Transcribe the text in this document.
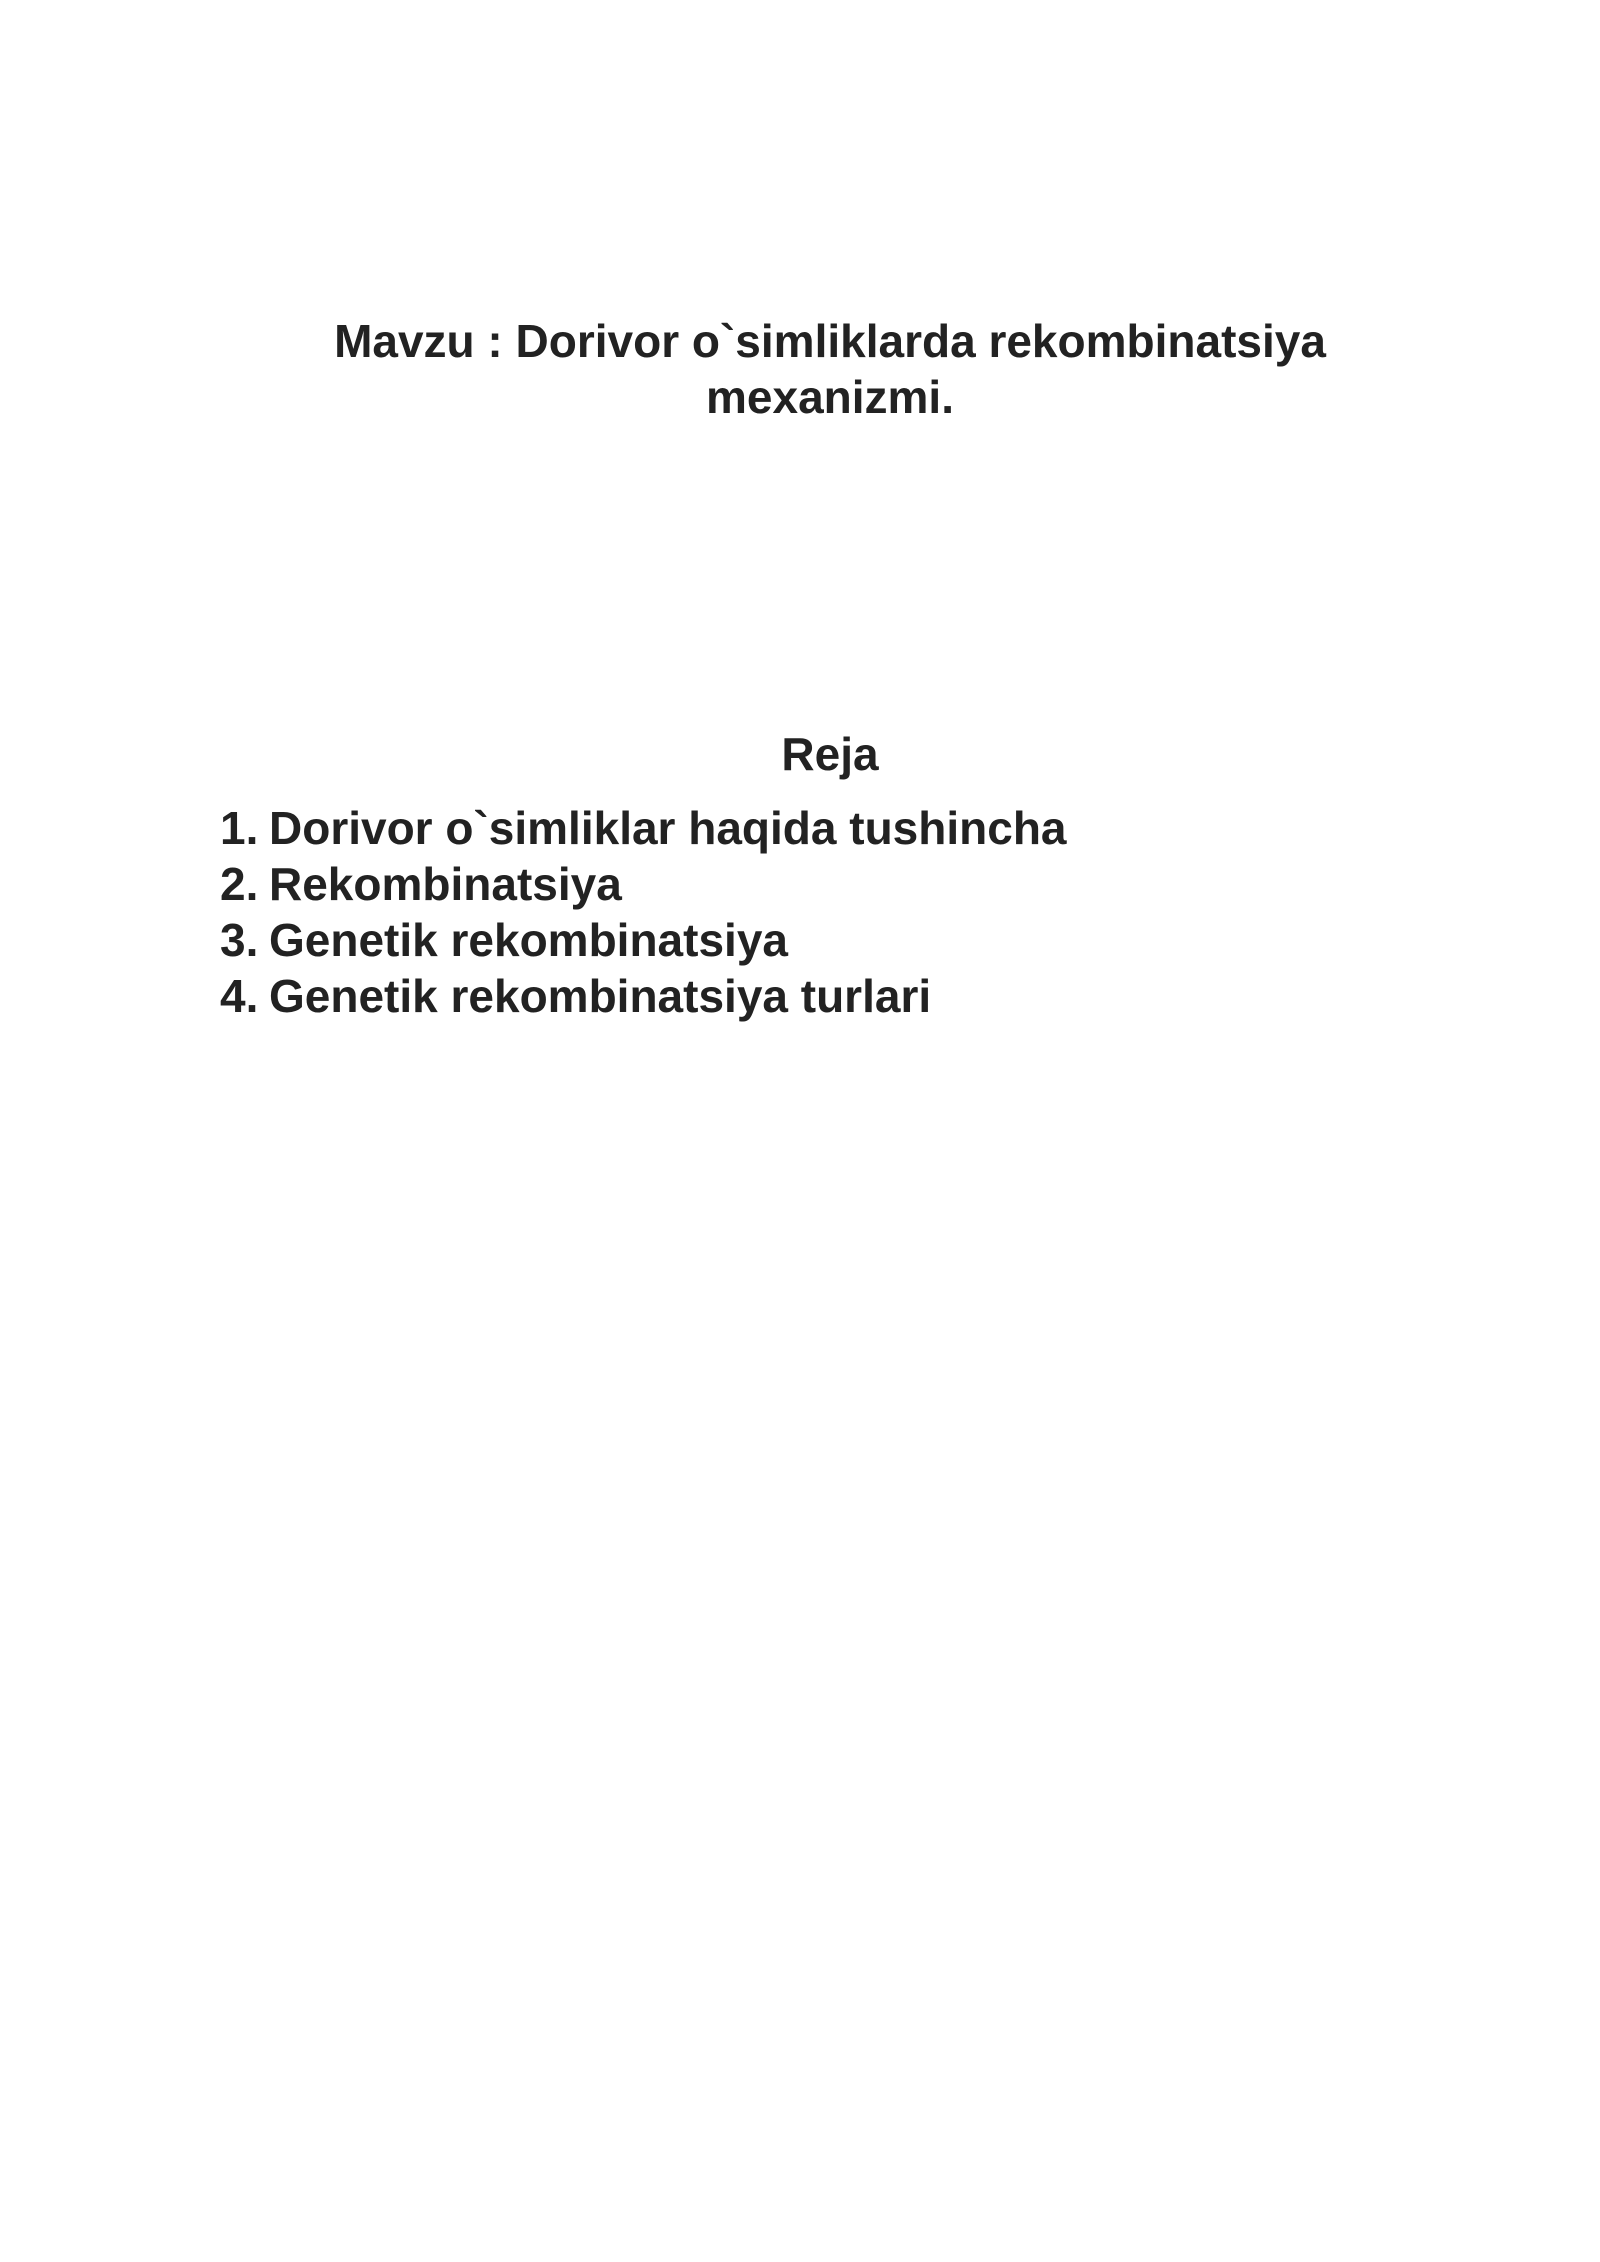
Mavzu : Dorivor o`simliklarda rekombinatsiya
mexanizmi.
Reja
1. Dorivor o`simliklar haqida tushincha
2. Rekombinatsiya
3. Genetik rekombinatsiya
4. Genetik rekombinatsiya turlari
